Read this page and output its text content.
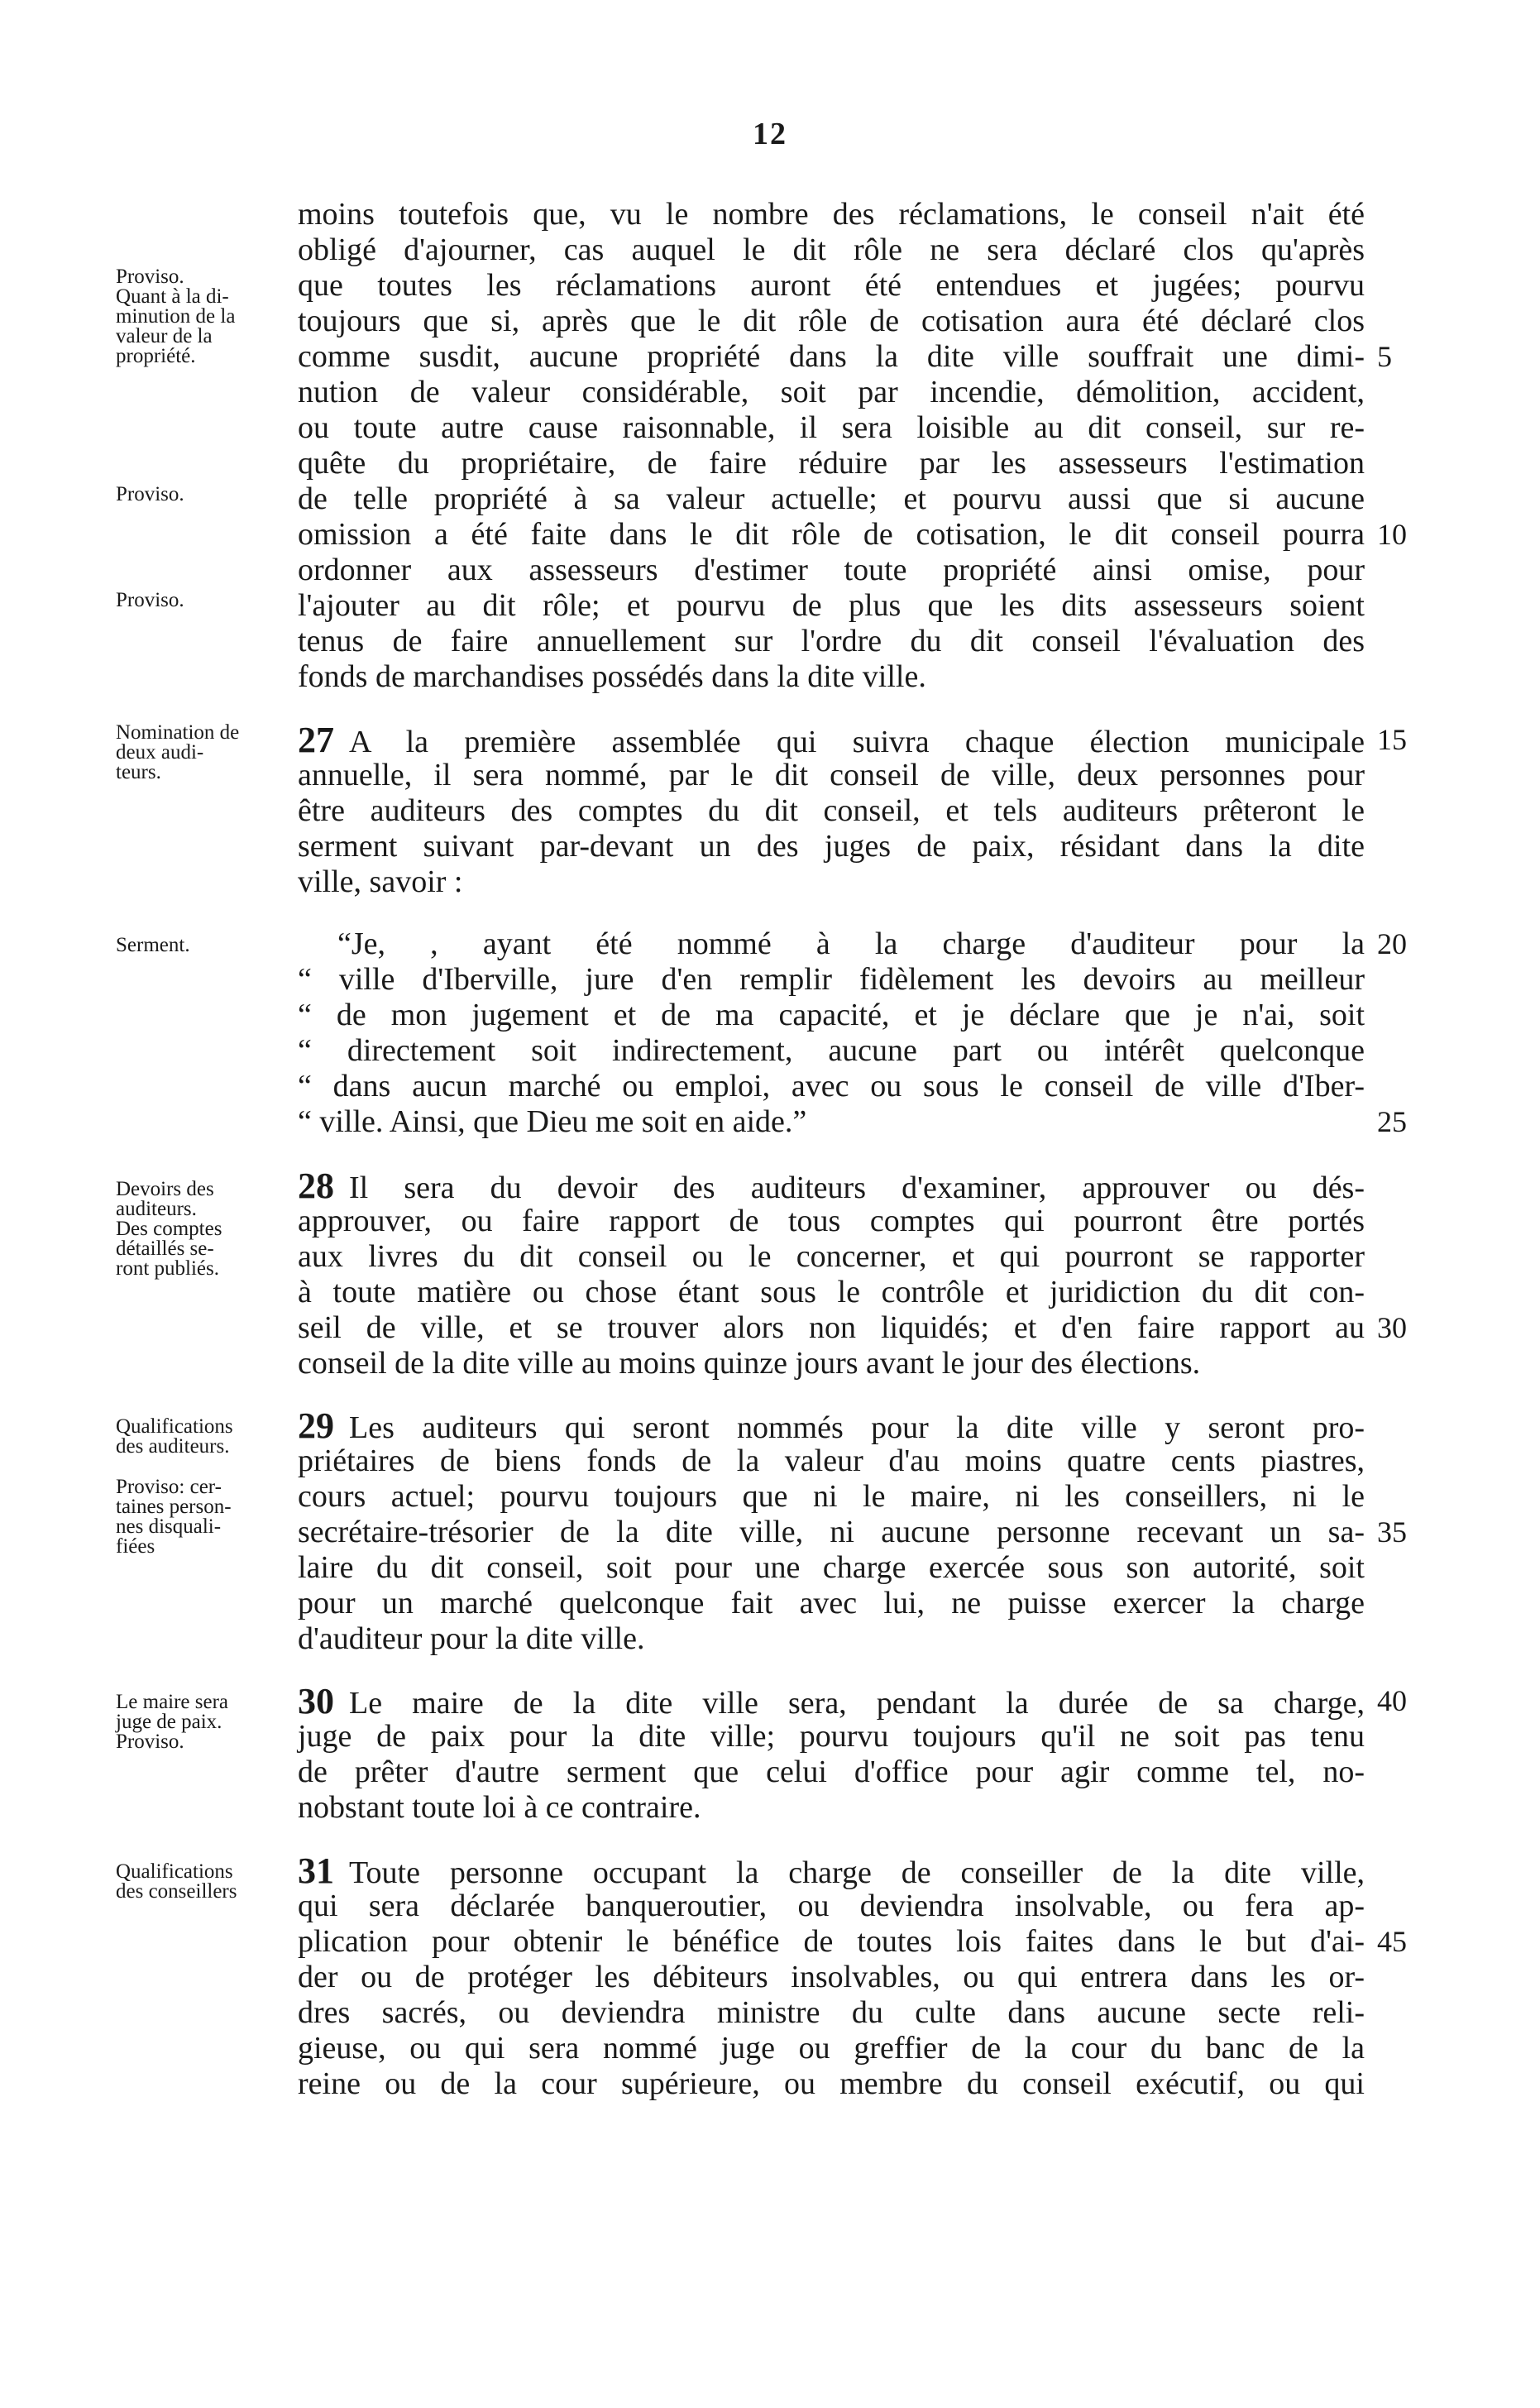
12
Proviso.
Quant à la di-
minution de la
valeur de la
propriété.
Proviso.
Proviso.
Nomination de
deux audi-
teurs.
Serment.
Devoirs des
auditeurs.
Des comptes
détaillés se-
ront publiés.
Qualifications
des auditeurs.
Proviso: cer-
taines person-
nes disquali-
fiées
Le maire sera
juge de paix.
Proviso.
Qualifications
des conseillers
moins toutefois que, vu le nombre des réclamations, le conseil n'ait été
obligé d'ajourner, cas auquel le dit rôle ne sera déclaré clos qu'après
que toutes les réclamations auront été entendues et jugées; pourvu
toujours que si, après que le dit rôle de cotisation aura été déclaré clos
comme susdit, aucune propriété dans la dite ville souffrait une dimi-
nution de valeur considérable, soit par incendie, démolition, accident,
ou toute autre cause raisonnable, il sera loisible au dit conseil, sur re-
quête du propriétaire, de faire réduire par les assesseurs l'estimation
de telle propriété à sa valeur actuelle; et pourvu aussi que si aucune
omission a été faite dans le dit rôle de cotisation, le dit conseil pourra
ordonner aux assesseurs d'estimer toute propriété ainsi omise, pour
l'ajouter au dit rôle; et pourvu de plus que les dits assesseurs soient
tenus de faire annuellement sur l'ordre du dit conseil l'évaluation des
fonds de marchandises possédés dans la dite ville.
27 A la première assemblée qui suivra chaque élection municipale
annuelle, il sera nommé, par le dit conseil de ville, deux personnes pour
être auditeurs des comptes du dit conseil, et tels auditeurs prêteront le
serment suivant par-devant un des juges de paix, résidant dans la dite
ville, savoir :
“Je, , ayant été nommé à la charge d'auditeur pour la
“ ville d'Iberville, jure d'en remplir fidèlement les devoirs au meilleur
“ de mon jugement et de ma capacité, et je déclare que je n'ai, soit
“ directement soit indirectement, aucune part ou intérêt quelconque
“ dans aucun marché ou emploi, avec ou sous le conseil de ville d'Iber-
“ ville. Ainsi, que Dieu me soit en aide.”
28 Il sera du devoir des auditeurs d'examiner, approuver ou dés-
approuver, ou faire rapport de tous comptes qui pourront être portés
aux livres du dit conseil ou le concerner, et qui pourront se rapporter
à toute matière ou chose étant sous le contrôle et juridiction du dit con-
seil de ville, et se trouver alors non liquidés; et d'en faire rapport au
conseil de la dite ville au moins quinze jours avant le jour des élections.
29 Les auditeurs qui seront nommés pour la dite ville y seront pro-
priétaires de biens fonds de la valeur d'au moins quatre cents piastres,
cours actuel; pourvu toujours que ni le maire, ni les conseillers, ni le
secrétaire-trésorier de la dite ville, ni aucune personne recevant un sa-
laire du dit conseil, soit pour une charge exercée sous son autorité, soit
pour un marché quelconque fait avec lui, ne puisse exercer la charge
d'auditeur pour la dite ville.
30 Le maire de la dite ville sera, pendant la durée de sa charge,
juge de paix pour la dite ville; pourvu toujours qu'il ne soit pas tenu
de prêter d'autre serment que celui d'office pour agir comme tel, no-
nobstant toute loi à ce contraire.
31 Toute personne occupant la charge de conseiller de la dite ville,
qui sera déclarée banqueroutier, ou deviendra insolvable, ou fera ap-
plication pour obtenir le bénéfice de toutes lois faites dans le but d'ai-
der ou de protéger les débiteurs insolvables, ou qui entrera dans les or-
dres sacrés, ou deviendra ministre du culte dans aucune secte reli-
gieuse, ou qui sera nommé juge ou greffier de la cour du banc de la
reine ou de la cour supérieure, ou membre du conseil exécutif, ou qui
5
10
15
20
25
30
35
40
45
